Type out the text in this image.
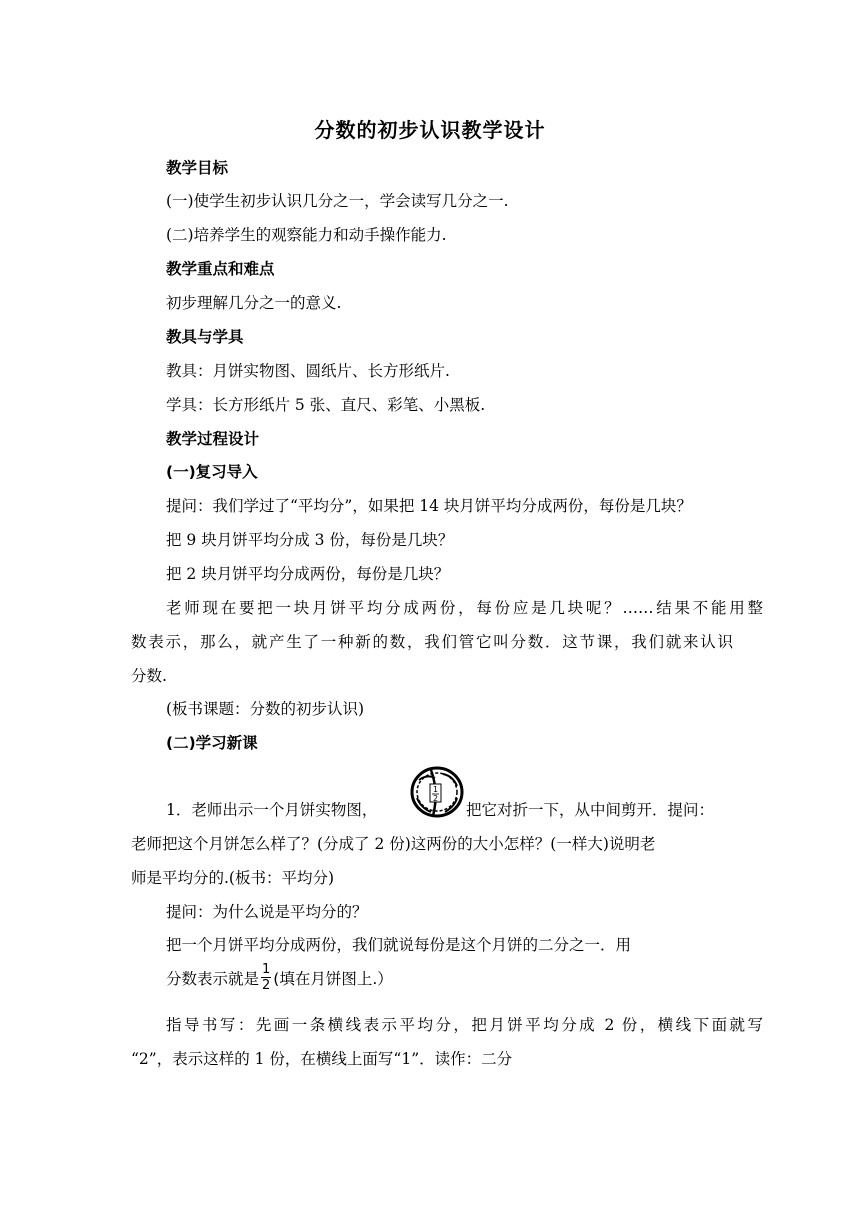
分数的初步认识教学设计
教学目标
(一)使学生初步认识几分之一，学会读写几分之一.
(二)培养学生的观察能力和动手操作能力.
教学重点和难点
初步理解几分之一的意义.
教具与学具
教具：月饼实物图、圆纸片、长方形纸片.
学具：长方形纸片 5 张、直尺、彩笔、小黑板.
教学过程设计
(一)复习导入
提问：我们学过了“平均分”，如果把 14 块月饼平均分成两份，每份是几块？
把 9 块月饼平均分成 3 份，每份是几块？
把 2 块月饼平均分成两份，每份是几块？
老师现在要把一块月饼平均分成两份，每份应是几块呢？……结果不能用整
数表示，那么，就产生了一种新的数，我们管它叫分数．这节课，我们就来认识
分数.
(板书课题：分数的初步认识)
(二)学习新课
1．老师出示一个月饼实物图，
1
2
把它对折一下，从中间剪开．提问：
老师把这个月饼怎么样了？(分成了 2 份)这两份的大小怎样？(一样大)说明老
师是平均分的.(板书：平均分)
提问：为什么说是平均分的？
把一个月饼平均分成两份，我们就说每份是这个月饼的二分之一．用
分数表示就是 $\frac{1}{2}$ (填在月饼图上.）
指导书写：先画一条横线表示平均分，把月饼平均分成 2 份，横线下面就写
“2”，表示这样的 1 份，在横线上面写“1”．读作：二分
